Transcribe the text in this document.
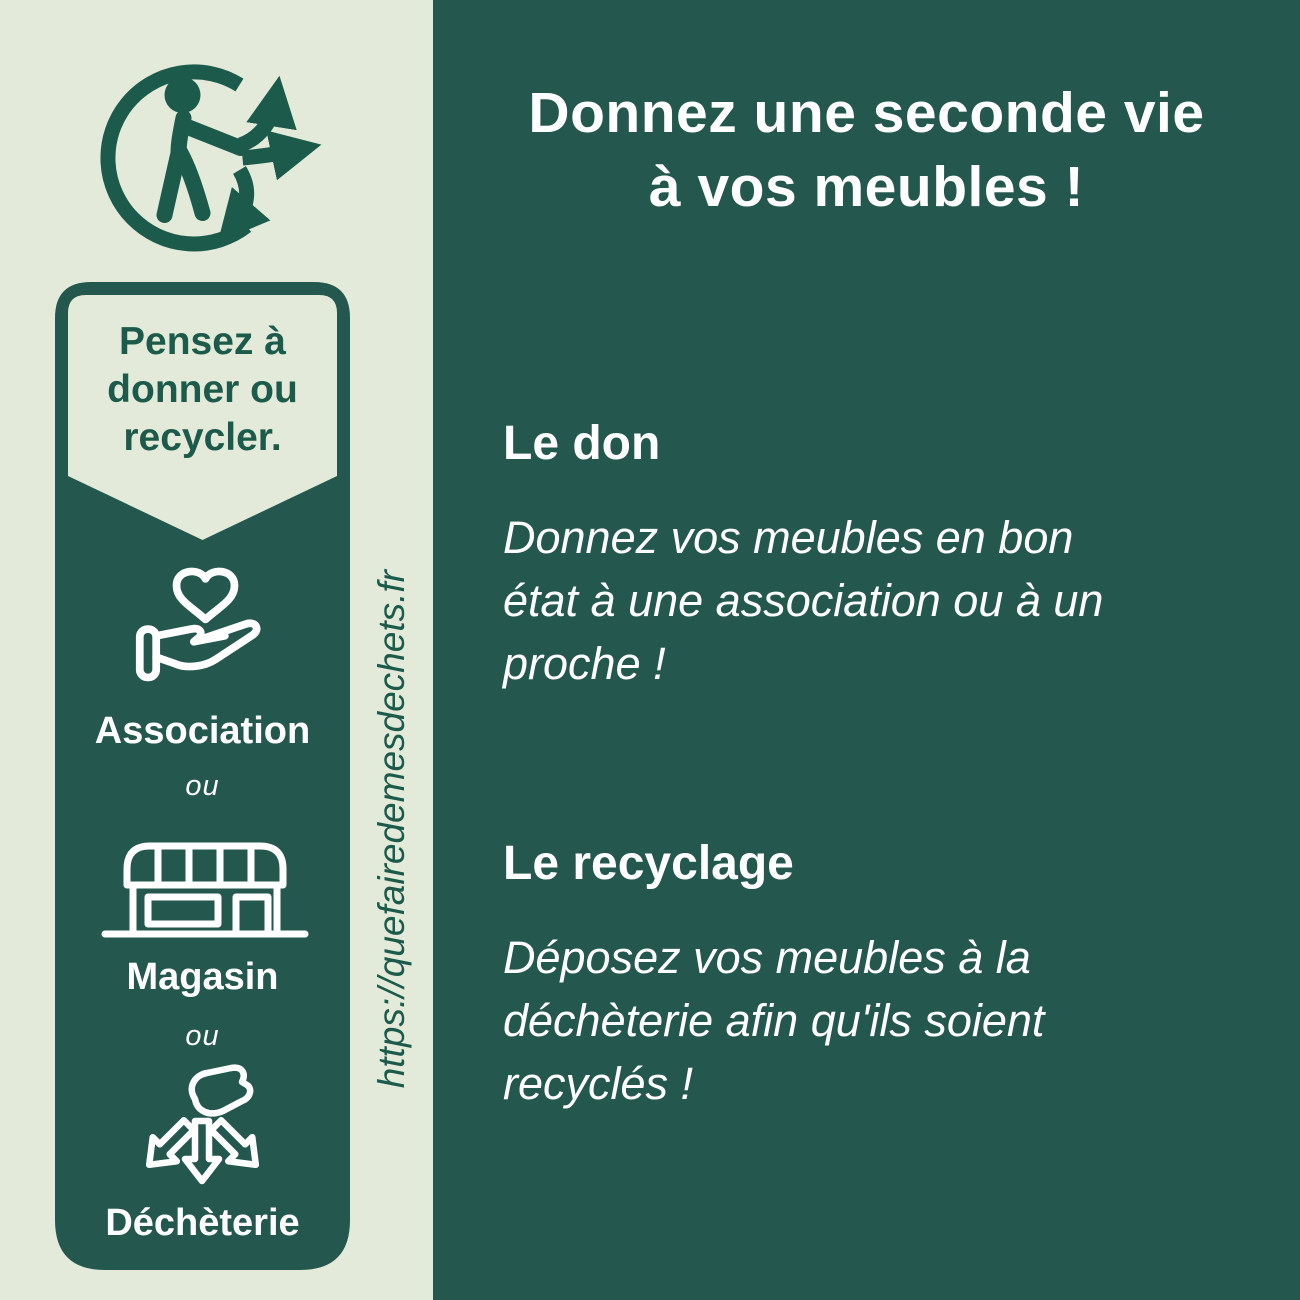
Pensez à
donner ou
recycler.
Association
ou
Magasin
ou
Déchèterie
https://quefairedemesdechets.fr
Donnez une seconde vie
à vos meubles !
Le don
Donnez vos meubles en bon
état à une association ou à un
proche !
Le recyclage
Déposez vos meubles à la
déchèterie afin qu'ils soient
recyclés !
